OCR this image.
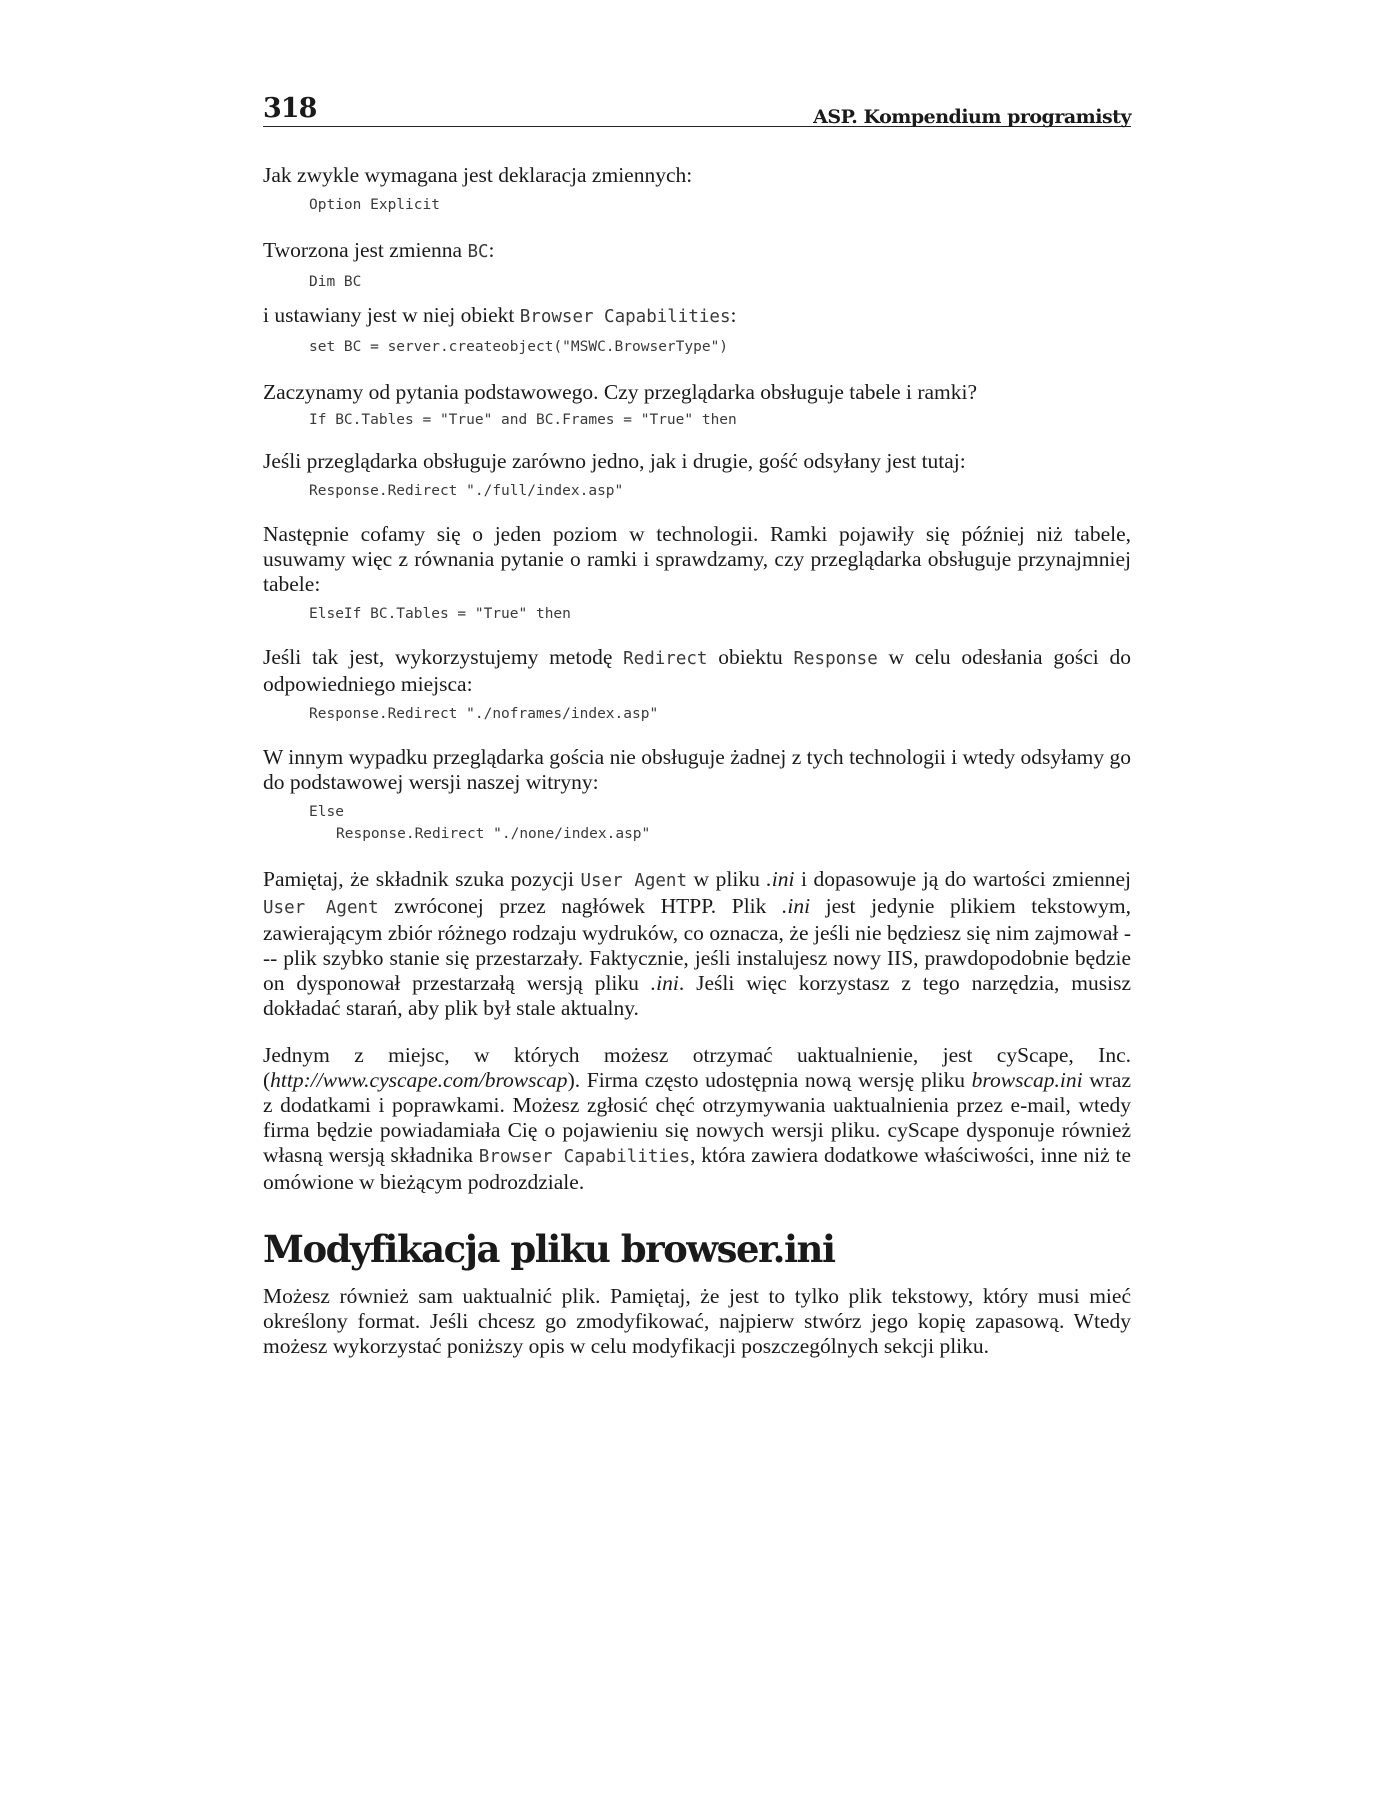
318	ASP. Kompendium programisty

Jak zwykle wymagana jest deklaracja zmiennych:

Option Explicit

Tworzona jest zmienna BC:

Dim BC

i ustawiany jest w niej obiekt Browser Capabilities:

set BC = server.createobject("MSWC.BrowserType")

Zaczynamy od pytania podstawowego. Czy przeglądarka obsługuje tabele i ramki?

If BC.Tables = "True" and BC.Frames = "True" then

Jeśli przeglądarka obsługuje zarówno jedno, jak i drugie, gość odsyłany jest tutaj:

Response.Redirect "./full/index.asp"

Następnie cofamy się o jeden poziom w technologii. Ramki pojawiły się później niż tabele, usuwamy więc z równania pytanie o ramki i sprawdzamy, czy przeglądarka obsługuje przynajmniej tabele:

ElseIf BC.Tables = "True" then

Jeśli tak jest, wykorzystujemy metodę Redirect obiektu Response w celu odesłania gości do odpowiedniego miejsca:

Response.Redirect "./noframes/index.asp"

W innym wypadku przeglądarka gościa nie obsługuje żadnej z tych technologii i wtedy odsyłamy go do podstawowej wersji naszej witryny:

Else
Response.Redirect "./none/index.asp"

Pamiętaj, że składnik szuka pozycji User Agent w pliku .ini i dopasowuje ją do wartości zmiennej User Agent zwróconej przez nagłówek HTPP. Plik .ini jest jedynie plikiem tekstowym, zawierającym zbiór różnego rodzaju wydruków, co oznacza, że jeśli nie będziesz się nim zajmował --- plik szybko stanie się przestarzały. Faktycznie, jeśli instalujesz nowy IIS, prawdopodobnie będzie on dysponował przestarzałą wersją pliku .ini. Jeśli więc korzystasz z tego narzędzia, musisz dokładać starań, aby plik był stale aktualny.

Jednym z miejsc, w których możesz otrzymać uaktualnienie, jest cyScape, Inc. (http://www.cyscape.com/browscap). Firma często udostępnia nową wersję pliku browscap.ini wraz z dodatkami i poprawkami. Możesz zgłosić chęć otrzymywania uaktualnienia przez e-mail, wtedy firma będzie powiadamiała Cię o pojawieniu się nowych wersji pliku. cyScape dysponuje również własną wersją składnika Browser Capabilities, która zawiera dodatkowe właściwości, inne niż te omówione w bieżącym podrozdziale.

Modyfikacja pliku browser.ini

Możesz również sam uaktualnić plik. Pamiętaj, że jest to tylko plik tekstowy, który musi mieć określony format. Jeśli chcesz go zmodyfikować, najpierw stwórz jego kopię zapasową. Wtedy możesz wykorzystać poniższy opis w celu modyfikacji poszczególnych sekcji pliku.
